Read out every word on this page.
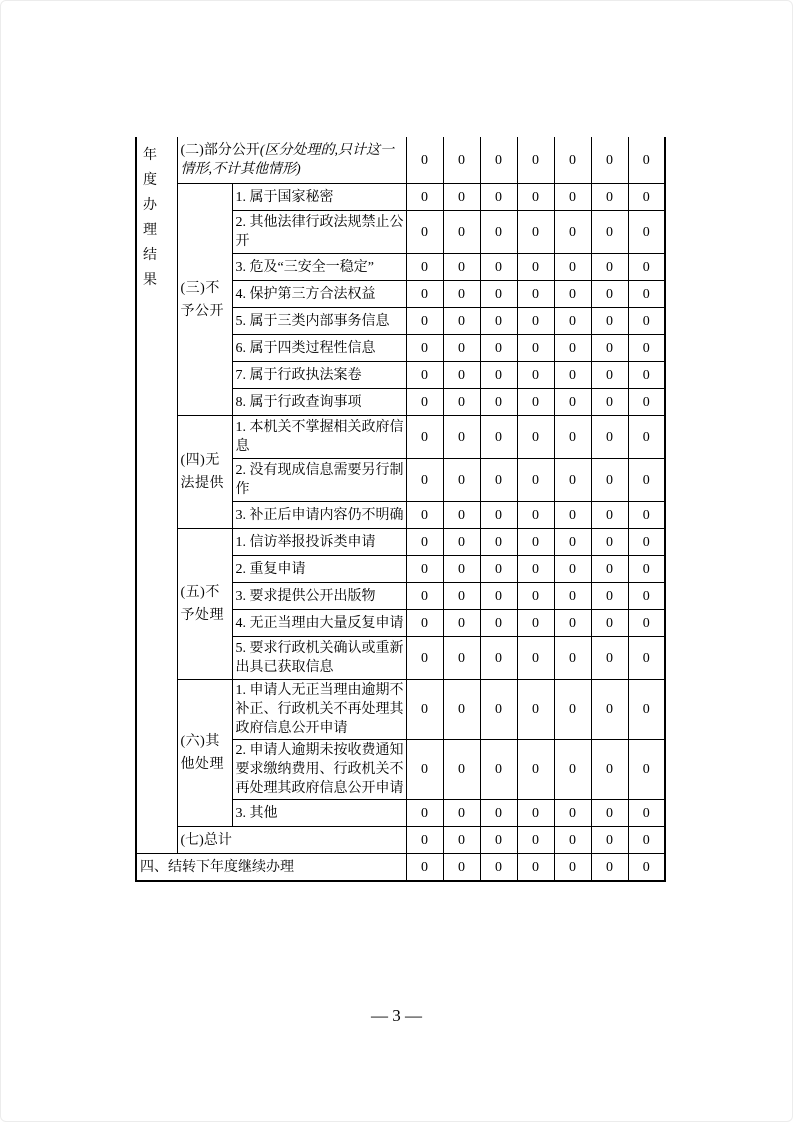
年度办理结果	(二)部分公开(区分处理的,只计这一情形,不计其他情形)		0	0	0	0	0	0	0
	(三)不予公开	1. 属于国家秘密	0	0	0	0	0	0	0
		2. 其他法律行政法规禁止公开	0	0	0	0	0	0	0
		3. 危及“三安全一稳定”	0	0	0	0	0	0	0
		4. 保护第三方合法权益	0	0	0	0	0	0	0
		5. 属于三类内部事务信息	0	0	0	0	0	0	0
		6. 属于四类过程性信息	0	0	0	0	0	0	0
		7. 属于行政执法案卷	0	0	0	0	0	0	0
		8. 属于行政查询事项	0	0	0	0	0	0	0
	(四)无法提供	1. 本机关不掌握相关政府信息	0	0	0	0	0	0	0
		2. 没有现成信息需要另行制作	0	0	0	0	0	0	0
		3. 补正后申请内容仍不明确	0	0	0	0	0	0	0
	(五)不予处理	1. 信访举报投诉类申请	0	0	0	0	0	0	0
		2. 重复申请	0	0	0	0	0	0	0
		3. 要求提供公开出版物	0	0	0	0	0	0	0
		4. 无正当理由大量反复申请	0	0	0	0	0	0	0
		5. 要求行政机关确认或重新出具已获取信息	0	0	0	0	0	0	0
	(六)其他处理	1. 申请人无正当理由逾期不补正、行政机关不再处理其政府信息公开申请	0	0	0	0	0	0	0
		2. 申请人逾期未按收费通知要求缴纳费用、行政机关不再处理其政府信息公开申请	0	0	0	0	0	0	0
		3. 其他	0	0	0	0	0	0	0
	(七)总计		0	0	0	0	0	0	0
四、结转下年度继续办理			0	0	0	0	0	0	0
— 3 —
